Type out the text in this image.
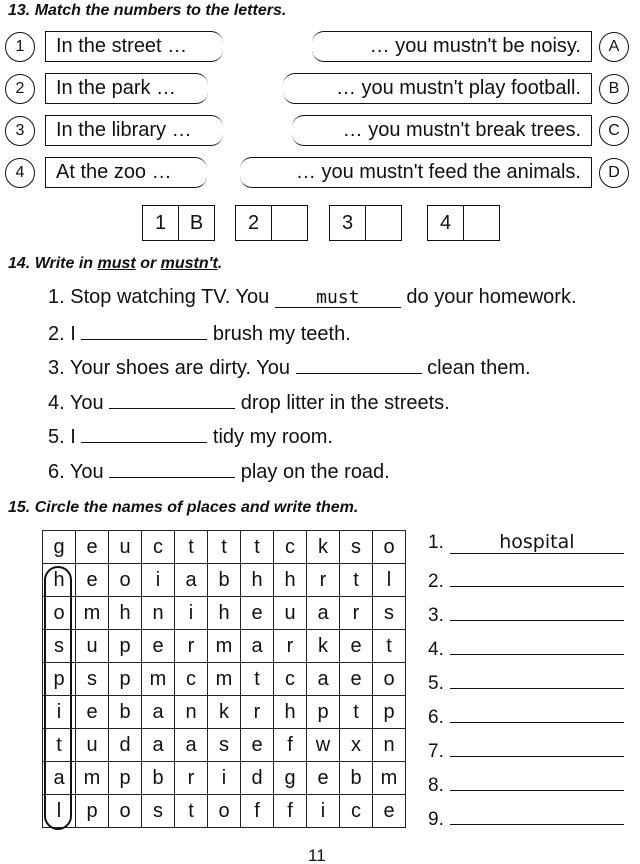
13. Match the numbers to the letters.
1	In the street …
2	In the park …
3	In the library …
4	At the zoo …
… you mustn't be noisy.	A
… you mustn't play football.	B
… you mustn't break trees.	C
… you mustn't feed the animals.	D
1	B	2	3	4
14. Write in must or mustn't.
1. Stop watching TV. You must do your homework.
2. I	brush my teeth.
3. Your shoes are dirty. You	clean them.
4. You	drop litter in the streets.
5. I	tidy my room.
6. You	play on the road.
15. Circle the names of places and write them.
g	e	u	c	t	t	t	c	k	s	o
h	e	o	i	a	b	h	h	r	t	l
o	m	h	n	i	h	e	u	a	r	s
s	u	p	e	r	m	a	r	k	e	t
p	s	p	m	c	m	t	c	a	e	o
i	e	b	a	n	k	r	h	p	t	p
t	u	d	a	a	s	e	f	w	x	n
a	m	p	b	r	i	d	g	e	b	m
l	p	o	s	t	o	f	f	i	c	e
1.	hospital
2.
3.
4.
5.
6.
7.
8.
9.
11
